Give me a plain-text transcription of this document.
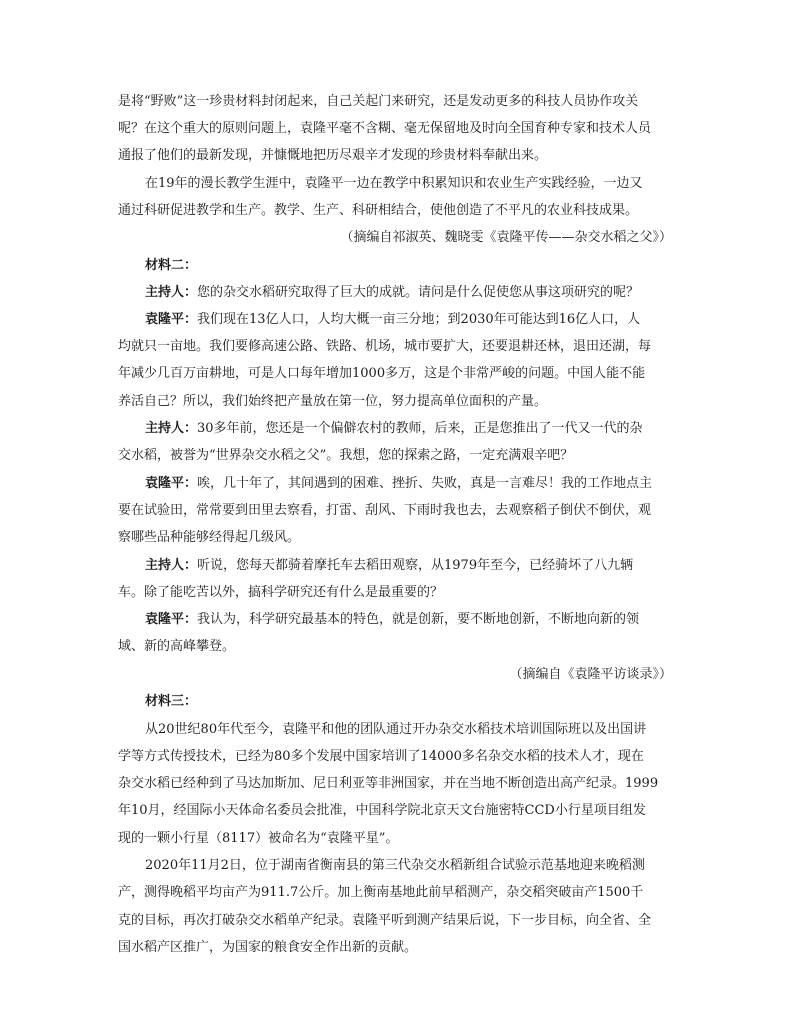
是将“野败”这一珍贵材料封闭起来，自己关起门来研究，还是发动更多的科技人员协作攻关
呢？在这个重大的原则问题上，袁隆平毫不含糊、毫无保留地及时向全国育种专家和技术人员
通报了他们的最新发现，并慷慨地把历尽艰辛才发现的珍贵材料奉献出来。
在19年的漫长教学生涯中，袁隆平一边在教学中积累知识和农业生产实践经验，一边又
通过科研促进教学和生产。教学、生产、科研相结合，使他创造了不平凡的农业科技成果。
（摘编自祁淑英、魏晓雯《袁隆平传——杂交水稻之父》）
材料二：
主持人：您的杂交水稻研究取得了巨大的成就。请问是什么促使您从事这项研究的呢？
袁隆平：我们现在13亿人口，人均大概一亩三分地；到2030年可能达到16亿人口，人
均就只一亩地。我们要修高速公路、铁路、机场，城市要扩大，还要退耕还林，退田还湖，每
年减少几百万亩耕地，可是人口每年增加1000多万，这是个非常严峻的问题。中国人能不能
养活自己？所以，我们始终把产量放在第一位，努力提高单位面积的产量。
主持人：30多年前，您还是一个偏僻农村的教师，后来，正是您推出了一代又一代的杂
交水稻，被誉为“世界杂交水稻之父”。我想，您的探索之路，一定充满艰辛吧？
袁隆平：唉，几十年了，其间遇到的困难、挫折、失败，真是一言难尽！我的工作地点主
要在试验田，常常要到田里去察看，打雷、刮风、下雨时我也去，去观察稻子倒伏不倒伏，观
察哪些品种能够经得起几级风。
主持人：听说，您每天都骑着摩托车去稻田观察，从1979年至今，已经骑坏了八九辆
车。除了能吃苦以外，搞科学研究还有什么是最重要的？
袁隆平：我认为，科学研究最基本的特色，就是创新，要不断地创新，不断地向新的领
域、新的高峰攀登。
（摘编自《袁隆平访谈录》）
材料三：
从20世纪80年代至今，袁隆平和他的团队通过开办杂交水稻技术培训国际班以及出国讲
学等方式传授技术，已经为80多个发展中国家培训了14000多名杂交水稻的技术人才，现在
杂交水稻已经种到了马达加斯加、尼日利亚等非洲国家，并在当地不断创造出高产纪录。1999
年10月，经国际小天体命名委员会批准，中国科学院北京天文台施密特CCD小行星项目组发
现的一颗小行星（8117）被命名为“袁隆平星”。
2020年11月2日，位于湖南省衡南县的第三代杂交水稻新组合试验示范基地迎来晚稻测
产，测得晚稻平均亩产为911.7公斤。加上衡南基地此前早稻测产，杂交稻突破亩产1500千
克的目标，再次打破杂交水稻单产纪录。袁隆平听到测产结果后说，下一步目标，向全省、全
国水稻产区推广，为国家的粮食安全作出新的贡献。
